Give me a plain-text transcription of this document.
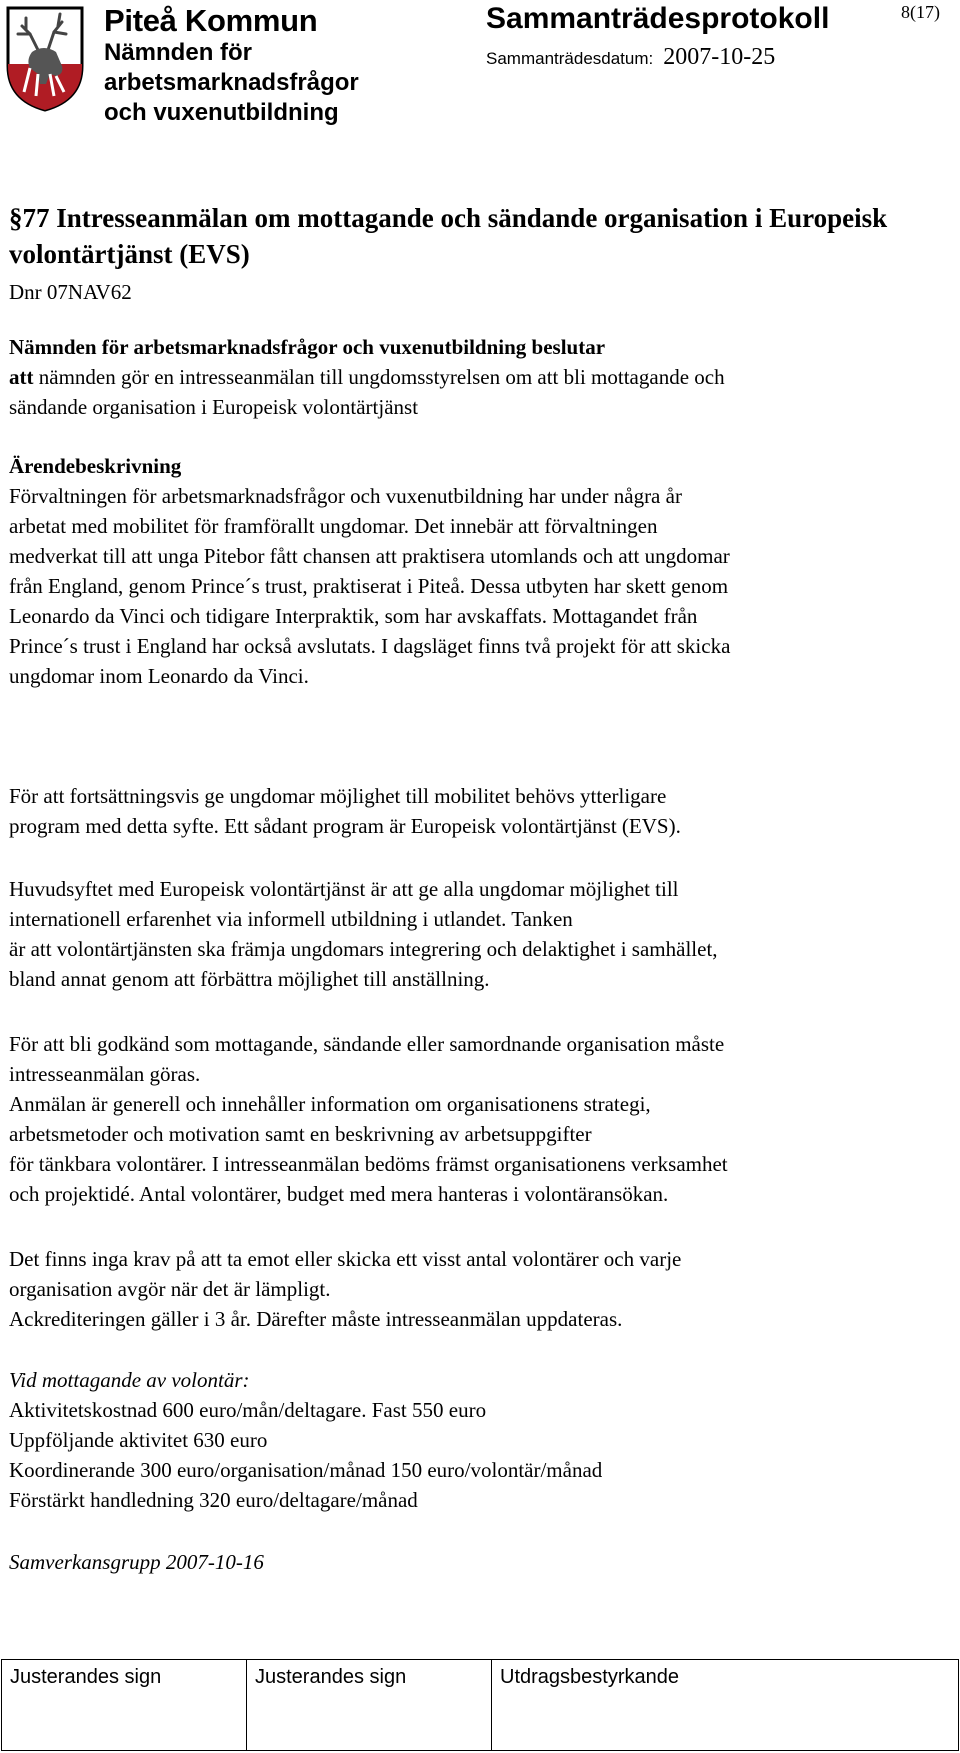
Piteå Kommun
Nämnden för
arbetsmarknadsfrågor
och vuxenutbildning
Sammanträdesprotokoll	8(17)
Sammanträdesdatum: 2007-10-25
§77 Intresseanmälan om mottagande och sändande organisation i Europeisk volontärtjänst (EVS)
Dnr 07NAV62
Nämnden för arbetsmarknadsfrågor och vuxenutbildning beslutar
att nämnden gör en intresseanmälan till ungdomsstyrelsen om att bli mottagande och
sändande organisation i Europeisk volontärtjänst
Ärendebeskrivning
Förvaltningen för arbetsmarknadsfrågor och vuxenutbildning har under några år
arbetat med mobilitet för framförallt ungdomar. Det innebär att förvaltningen
medverkat till att unga Pitebor fått chansen att praktisera utomlands och att ungdomar
från England, genom Prince´s trust, praktiserat i Piteå. Dessa utbyten har skett genom
Leonardo da Vinci och tidigare Interpraktik, som har avskaffats. Mottagandet från
Prince´s trust i England har också avslutats. I dagsläget finns två projekt för att skicka
ungdomar inom Leonardo da Vinci.
För att fortsättningsvis ge ungdomar möjlighet till mobilitet behövs ytterligare
program med detta syfte. Ett sådant program är Europeisk volontärtjänst (EVS).
Huvudsyftet med Europeisk volontärtjänst är att ge alla ungdomar möjlighet till
internationell erfarenhet via informell utbildning i utlandet. Tanken
är att volontärtjänsten ska främja ungdomars integrering och delaktighet i samhället,
bland annat genom att förbättra möjlighet till anställning.
För att bli godkänd som mottagande, sändande eller samordnande organisation måste
intresseanmälan göras.
Anmälan är generell och innehåller information om organisationens strategi,
arbetsmetoder och motivation samt en beskrivning av arbetsuppgifter
för tänkbara volontärer. I intresseanmälan bedöms främst organisationens verksamhet
och projektidé. Antal volontärer, budget med mera hanteras i volontäransökan.
Det finns inga krav på att ta emot eller skicka ett visst antal volontärer och varje
organisation avgör när det är lämpligt.
Ackrediteringen gäller i 3 år. Därefter måste intresseanmälan uppdateras.
Vid mottagande av volontär:
Aktivitetskostnad 600 euro/mån/deltagare. Fast 550 euro
Uppföljande aktivitet 630 euro
Koordinerande 300 euro/organisation/månad 150 euro/volontär/månad
Förstärkt handledning 320 euro/deltagare/månad
Samverkansgrupp 2007-10-16
Justerandes sign	Justerandes sign	Utdragsbestyrkande
